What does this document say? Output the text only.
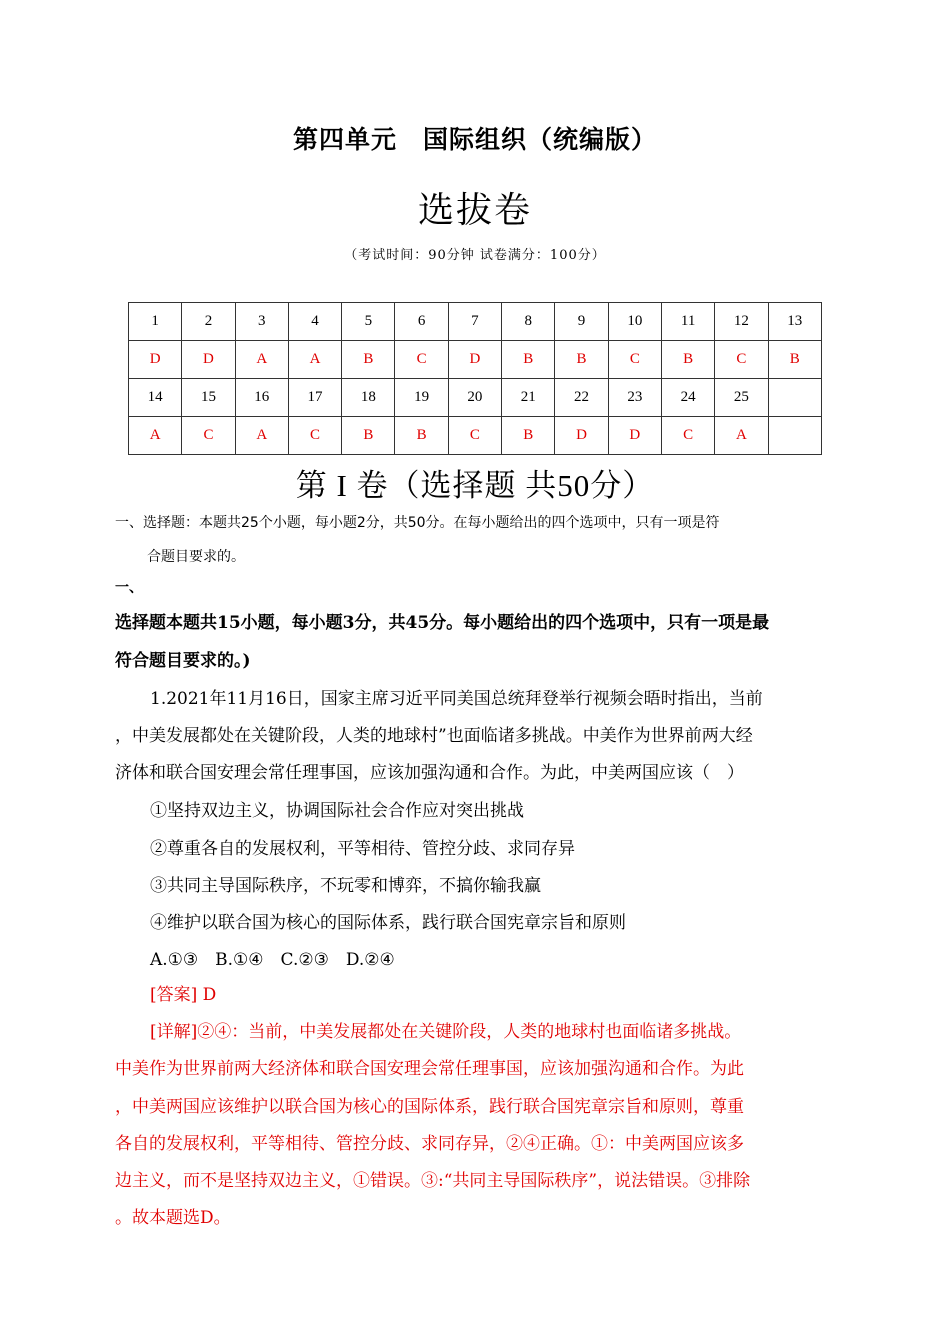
第四单元　国际组织（统编版）
选拔卷
（考试时间：90分钟 试卷满分：100分）
1	2	3	4	5	6	7	8	9	10	11	12	13
D	D	A	A	B	C	D	B	B	C	B	C	B
14	15	16	17	18	19	20	21	22	23	24	25	
A	C	A	C	B	B	C	B	D	D	C	A	
第 I 卷（选择题 共50分）
一、选择题：本题共25个小题，每小题2分，共50分。在每小题给出的四个选项中，只有一项是符
合题目要求的。
一、
选择题本题共15小题，每小题3分，共45分。每小题给出的四个选项中，只有一项是最
符合题目要求的。)
1.2021年11月16日，国家主席习近平同美国总统拜登举行视频会晤时指出，当前
，中美发展都处在关键阶段，人类的地球村”也面临诸多挑战。中美作为世界前两大经
济体和联合国安理会常任理事国，应该加强沟通和合作。为此，中美两国应该（　）
①坚持双边主义，协调国际社会合作应对突出挑战
②尊重各自的发展权利，平等相待、管控分歧、求同存异
③共同主导国际秩序，不玩零和博弈，不搞你输我赢
④维护以联合国为核心的国际体系，践行联合国宪章宗旨和原则
A.①③　B.①④　C.②③　D.②④
[答案] D
[详解]②④：当前，中美发展都处在关键阶段，人类的地球村也面临诸多挑战。
中美作为世界前两大经济体和联合国安理会常任理事国，应该加强沟通和合作。为此
，中美两国应该维护以联合国为核心的国际体系，践行联合国宪章宗旨和原则，尊重
各自的发展权利，平等相待、管控分歧、求同存异，②④正确。①：中美两国应该多
边主义，而不是坚持双边主义，①错误。③:“共同主导国际秩序”，说法错误。③排除
。故本题选D。
